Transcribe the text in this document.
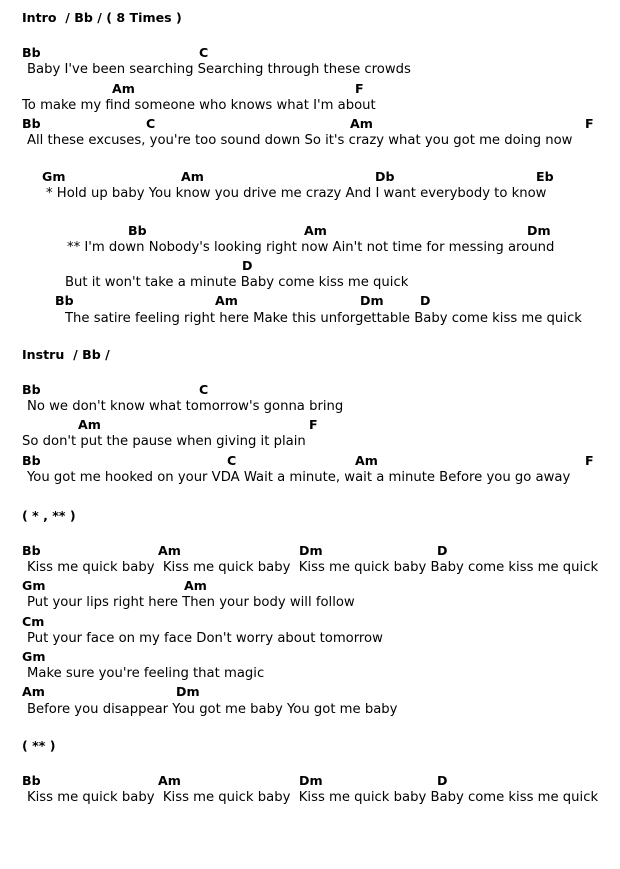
Intro  / Bb / ( 8 Times )

Bb

	C

Baby I've been searching Searching through these crowds

Am

	F

To make my find someone who knows what I'm about

Bb

	C

	Am

	F

All these excuses, you're too sound down So it's crazy what you got me doing now

Gm

	Am

	Db

	Eb

* Hold up baby You know you drive me crazy And I want everybody to know

Bb

	Am

	Dm

** I'm down Nobody's looking right now Ain't not time for messing around

D

But it won't take a minute Baby come kiss me quick

Bb

	Am

	Dm

	D

The satire feeling right here Make this unforgettable Baby come kiss me quick
Instru  / Bb /

Bb

	C

No we don't know what tomorrow's gonna bring

Am

	F

So don't put the pause when giving it plain

Bb

	C

	Am

	F

You got me hooked on your VDA Wait a minute, wait a minute Before you go away
( * , ** )

Bb

	Am

	Dm

	D

Kiss me quick baby  Kiss me quick baby  Kiss me quick baby Baby come kiss me quick

Gm

	Am

Put your lips right here Then your body will follow

Cm

Put your face on my face Don't worry about tomorrow

Gm

Make sure you're feeling that magic

Am

	Dm

Before you disappear You got me baby You got me baby
( ** )

Bb

	Am

	Dm

	D

Kiss me quick baby  Kiss me quick baby  Kiss me quick baby Baby come kiss me quick
